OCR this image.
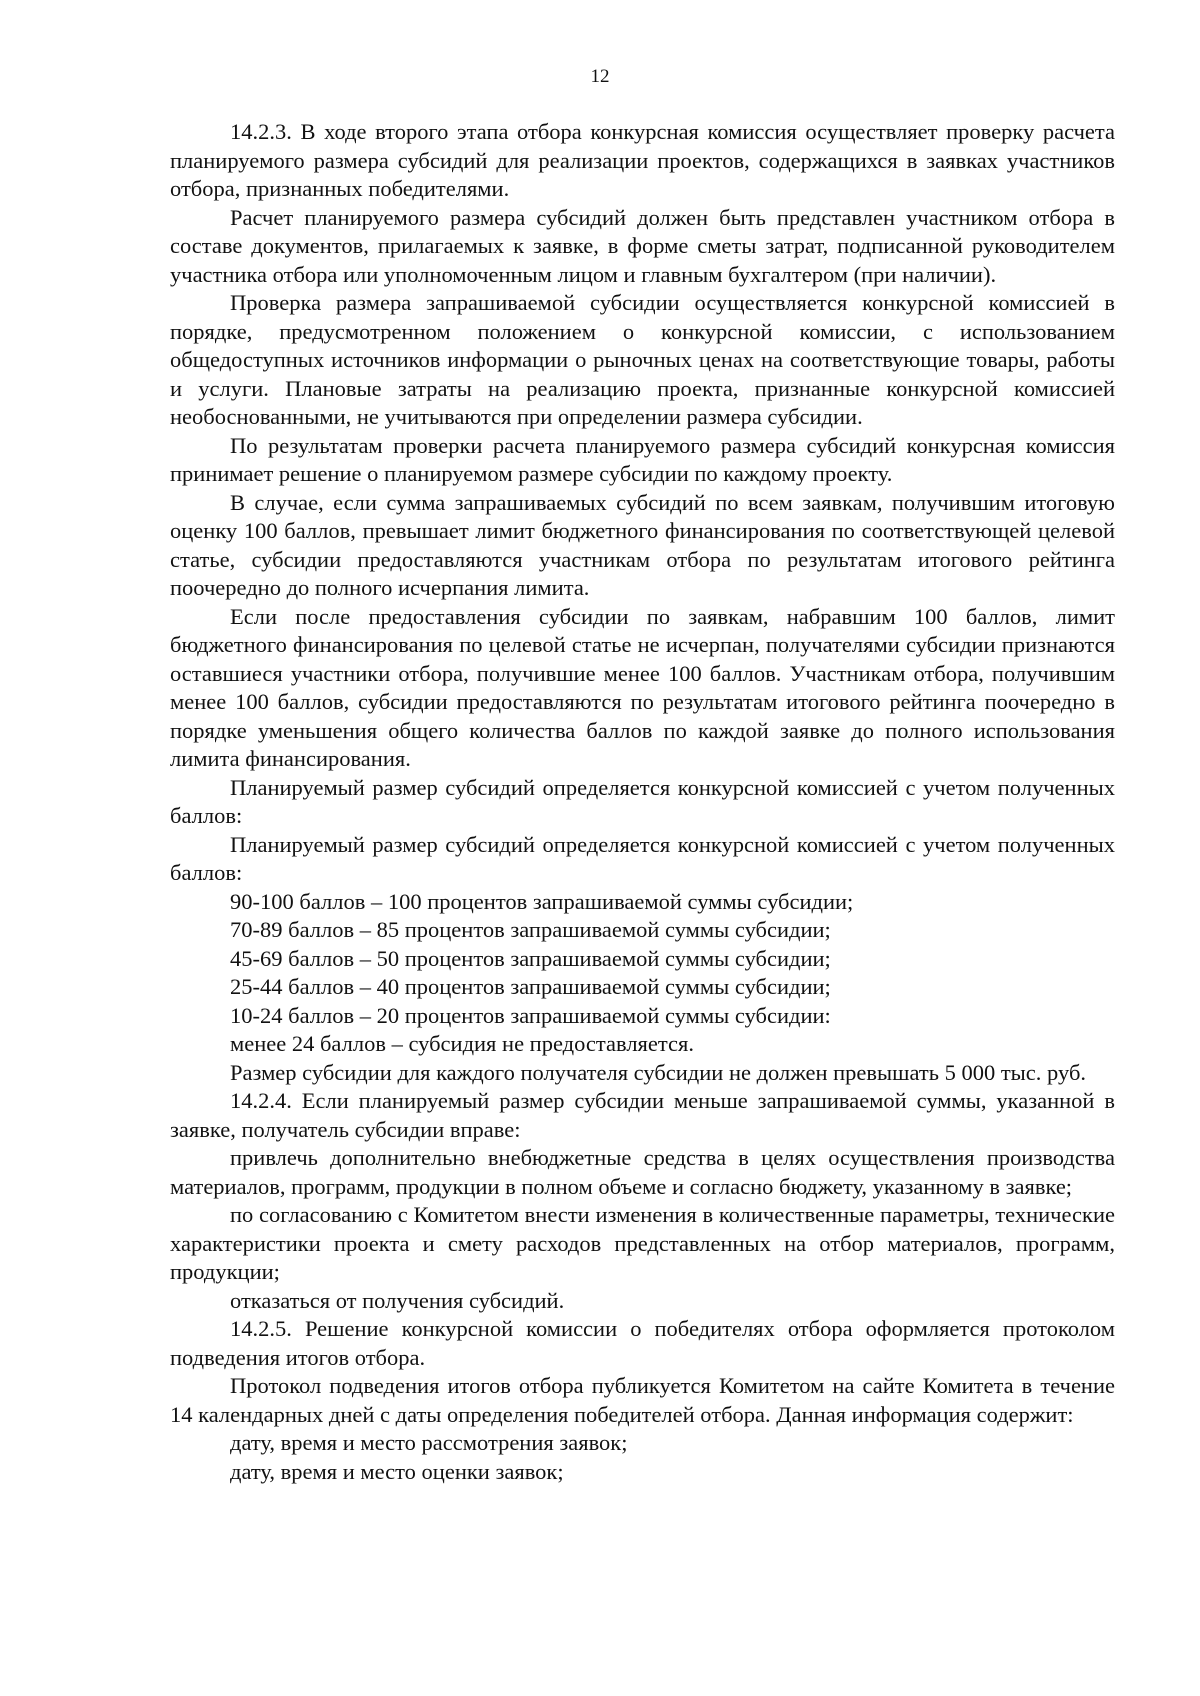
12

14.2.3. В ходе второго этапа отбора конкурсная комиссия осуществляет проверку расчета планируемого размера субсидий для реализации проектов, содержащихся в заявках участников отбора, признанных победителями.

Расчет планируемого размера субсидий должен быть представлен участником отбора в составе документов, прилагаемых к заявке, в форме сметы затрат, подписанной руководителем участника отбора или уполномоченным лицом и главным бухгалтером (при наличии).

Проверка размера запрашиваемой субсидии осуществляется конкурсной комиссией в порядке, предусмотренном положением о конкурсной комиссии, с использованием общедоступных источников информации о рыночных ценах на соответствующие товары, работы и услуги. Плановые затраты на реализацию проекта, признанные конкурсной комиссией необоснованными, не учитываются при определении размера субсидии.

По результатам проверки расчета планируемого размера субсидий конкурсная комиссия принимает решение о планируемом размере субсидии по каждому проекту.

В случае, если сумма запрашиваемых субсидий по всем заявкам, получившим итоговую оценку 100 баллов, превышает лимит бюджетного финансирования по соответствующей целевой статье, субсидии предоставляются участникам отбора по результатам итогового рейтинга поочередно до полного исчерпания лимита.

Если после предоставления субсидии по заявкам, набравшим 100 баллов, лимит бюджетного финансирования по целевой статье не исчерпан, получателями субсидии признаются оставшиеся участники отбора, получившие менее 100 баллов. Участникам отбора, получившим менее 100 баллов, субсидии предоставляются по результатам итогового рейтинга поочередно в порядке уменьшения общего количества баллов по каждой заявке до полного использования лимита финансирования.

Планируемый размер субсидий определяется конкурсной комиссией с учетом полученных баллов:

Планируемый размер субсидий определяется конкурсной комиссией с учетом полученных баллов:

90-100 баллов – 100 процентов запрашиваемой суммы субсидии;

70-89 баллов – 85 процентов запрашиваемой суммы субсидии;

45-69 баллов – 50 процентов запрашиваемой суммы субсидии;

25-44 баллов – 40 процентов запрашиваемой суммы субсидии;

10-24 баллов – 20 процентов запрашиваемой суммы субсидии:

менее 24 баллов – субсидия не предоставляется.

Размер субсидии для каждого получателя субсидии не должен превышать 5 000 тыс. руб.

14.2.4. Если планируемый размер субсидии меньше запрашиваемой суммы, указанной в заявке, получатель субсидии вправе:

привлечь дополнительно внебюджетные средства в целях осуществления производства материалов, программ, продукции в полном объеме и согласно бюджету, указанному в заявке;

по согласованию с Комитетом внести изменения в количественные параметры, технические характеристики проекта и смету расходов представленных на отбор материалов, программ, продукции;

отказаться от получения субсидий.

14.2.5. Решение конкурсной комиссии о победителях отбора оформляется протоколом подведения итогов отбора.

Протокол подведения итогов отбора публикуется Комитетом на сайте Комитета в течение 14 календарных дней с даты определения победителей отбора. Данная информация содержит:

дату, время и место рассмотрения заявок;

дату, время и место оценки заявок;
